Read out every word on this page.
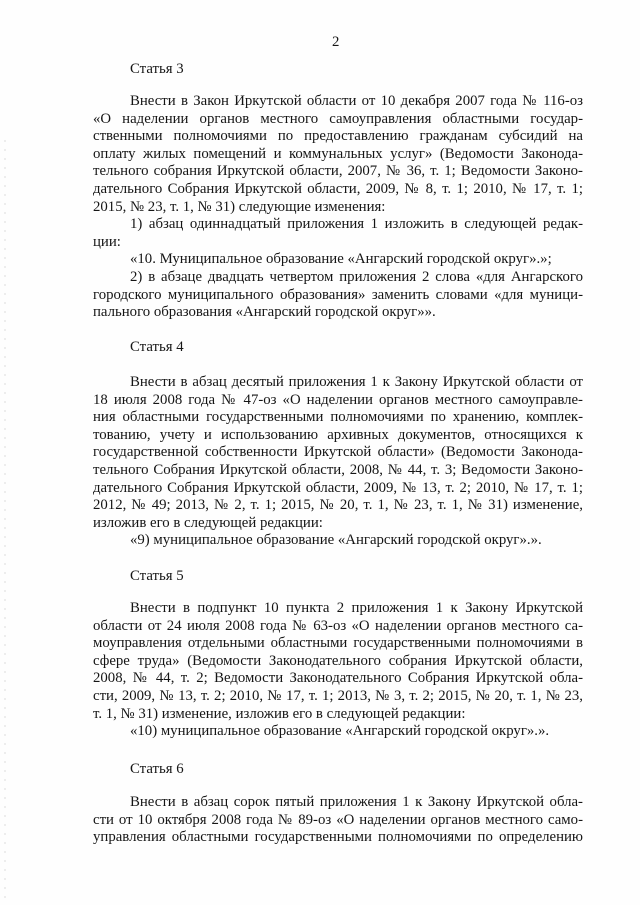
2
Статья 3
Внести в Закон Иркутской области от 10 декабря 2007 года № 116-оз
«О наделении органов местного самоуправления областными государ-
ственными полномочиями по предоставлению гражданам субсидий на
оплату жилых помещений и коммунальных услуг» (Ведомости Законода-
тельного собрания Иркутской области, 2007, № 36, т. 1; Ведомости Законо-
дательного Собрания Иркутской области, 2009, № 8, т. 1; 2010, № 17, т. 1;
2015, № 23, т. 1, № 31) следующие изменения:
1) абзац одиннадцатый приложения 1 изложить в следующей редак-
ции:
«10. Муниципальное образование «Ангарский городской округ».»;
2) в абзаце двадцать четвертом приложения 2 слова «для Ангарского
городского муниципального образования» заменить словами «для муници-
пального образования «Ангарский городской округ»».
Статья 4
Внести в абзац десятый приложения 1 к Закону Иркутской области от
18 июля 2008 года № 47-оз «О наделении органов местного самоуправле-
ния областными государственными полномочиями по хранению, комплек-
тованию, учету и использованию архивных документов, относящихся к
государственной собственности Иркутской области» (Ведомости Законода-
тельного Собрания Иркутской области, 2008, № 44, т. 3; Ведомости Законо-
дательного Собрания Иркутской области, 2009, № 13, т. 2; 2010, № 17, т. 1;
2012, № 49; 2013, № 2, т. 1; 2015, № 20, т. 1, № 23, т. 1, № 31) изменение,
изложив его в следующей редакции:
«9) муниципальное образование «Ангарский городской округ».».
Статья 5
Внести в подпункт 10 пункта 2 приложения 1 к Закону Иркутской
области от 24 июля 2008 года № 63-оз «О наделении органов местного са-
моуправления отдельными областными государственными полномочиями в
сфере труда» (Ведомости Законодательного собрания Иркутской области,
2008, № 44, т. 2; Ведомости Законодательного Собрания Иркутской обла-
сти, 2009, № 13, т. 2; 2010, № 17, т. 1; 2013, № 3, т. 2; 2015, № 20, т. 1, № 23,
т. 1, № 31) изменение, изложив его в следующей редакции:
«10) муниципальное образование «Ангарский городской округ».».
Статья 6
Внести в абзац сорок пятый приложения 1 к Закону Иркутской обла-
сти от 10 октября 2008 года № 89-оз «О наделении органов местного само-
управления областными государственными полномочиями по определению
